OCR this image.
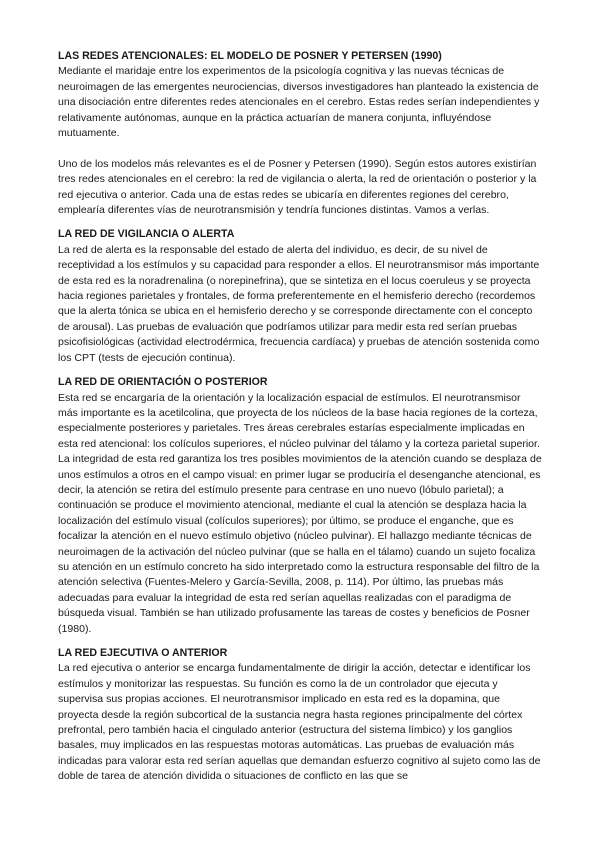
LAS REDES ATENCIONALES: EL MODELO DE POSNER Y PETERSEN (1990)

Mediante el maridaje entre los experimentos de la psicología cognitiva y las nuevas técnicas de neuroimagen de las emergentes neurociencias, diversos investigadores han planteado la existencia de una disociación entre diferentes redes atencionales en el cerebro. Estas redes serían independientes y relativamente autónomas, aunque en la práctica actuarían de manera conjunta, influyéndose mutuamente.

Uno de los modelos más relevantes es el de Posner y Petersen (1990). Según estos autores existirían tres redes atencionales en el cerebro: la red de vigilancia o alerta, la red de orientación o posterior y la red ejecutiva o anterior. Cada una de estas redes se ubicaría en diferentes regiones del cerebro, emplearía diferentes vías de neurotransmisión y tendría funciones distintas. Vamos a verlas.

LA RED DE VIGILANCIA O ALERTA

La red de alerta es la responsable del estado de alerta del individuo, es decir, de su nivel de receptividad a los estímulos y su capacidad para responder a ellos. El neurotransmisor más importante de esta red es la noradrenalina (o norepinefrina), que se sintetiza en el locus coeruleus y se proyecta hacia regiones parietales y frontales, de forma preferentemente en el hemisferio derecho (recordemos que la alerta tónica se ubica en el hemisferio derecho y se corresponde directamente con el concepto de arousal). Las pruebas de evaluación que podríamos utilizar para medir esta red serían pruebas psicofisiológicas (actividad electrodérmica, frecuencia cardíaca) y pruebas de atención sostenida como los CPT (tests de ejecución continua).

LA RED DE ORIENTACIÓN O POSTERIOR

Esta red se encargaría de la orientación y la localización espacial de estímulos. El neurotransmisor más importante es la acetilcolina, que proyecta de los núcleos de la base hacia regiones de la corteza, especialmente posteriores y parietales. Tres áreas cerebrales estarías especialmente implicadas en esta red atencional: los colículos superiores, el núcleo pulvinar del tálamo y la corteza parietal superior. La integridad de esta red garantiza los tres posibles movimientos de la atención cuando se desplaza de unos estímulos a otros en el campo visual: en primer lugar se produciría el desenganche atencional, es decir, la atención se retira del estímulo presente para centrase en uno nuevo (lóbulo parietal); a continuación se produce el movimiento atencional, mediante el cual la atención se desplaza hacia la localización del estímulo visual (colículos superiores); por último, se produce el enganche, que es focalizar la atención en el nuevo estímulo objetivo (núcleo pulvinar). El hallazgo mediante técnicas de neuroimagen de la activación del núcleo pulvinar (que se halla en el tálamo) cuando un sujeto focaliza su atención en un estímulo concreto ha sido interpretado como la estructura responsable del filtro de la atención selectiva (Fuentes-Melero y García-Sevilla, 2008, p. 114). Por último, las pruebas más adecuadas para evaluar la integridad de esta red serían aquellas realizadas con el paradigma de búsqueda visual. También se han utilizado profusamente las tareas de costes y beneficios de Posner (1980).

LA RED EJECUTIVA O ANTERIOR

La red ejecutiva o anterior se encarga fundamentalmente de dirigir la acción, detectar e identificar los estímulos y monitorizar las respuestas. Su función es como la de un controlador que ejecuta y supervisa sus propias acciones. El neurotransmisor implicado en esta red es la dopamina, que proyecta desde la región subcortical de la sustancia negra hasta regiones principalmente del córtex prefrontal, pero también hacia el cingulado anterior (estructura del sistema límbico) y los ganglios basales, muy implicados en las respuestas motoras automáticas. Las pruebas de evaluación más indicadas para valorar esta red serían aquellas que demandan esfuerzo cognitivo al sujeto como las de doble de tarea de atención dividida o situaciones de conflicto en las que se
